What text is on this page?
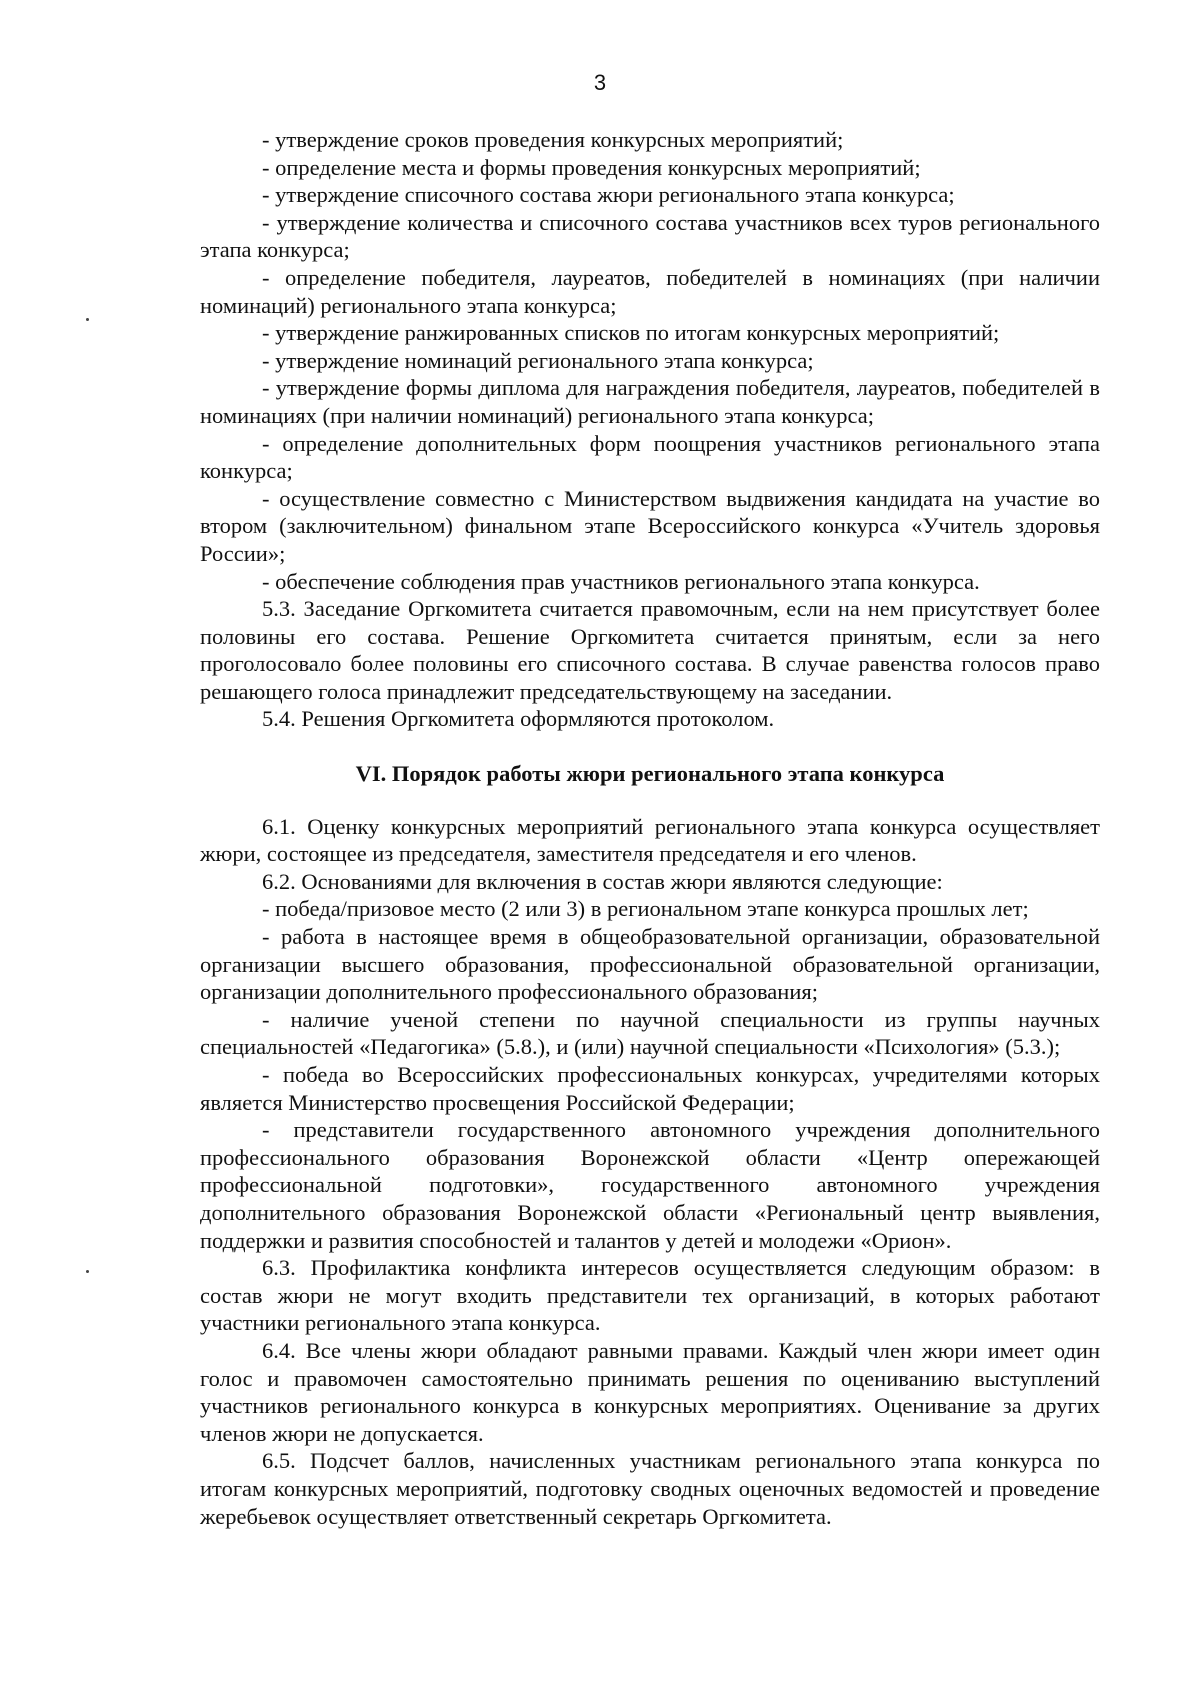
3

- утверждение сроков проведения конкурсных мероприятий;

- определение места и формы проведения конкурсных мероприятий;

- утверждение списочного состава жюри регионального этапа конкурса;

- утверждение количества и списочного состава участников всех туров регионального этапа конкурса;

- определение победителя, лауреатов, победителей в номинациях (при наличии номинаций) регионального этапа конкурса;

- утверждение ранжированных списков по итогам конкурсных мероприятий;

- утверждение номинаций регионального этапа конкурса;

- утверждение формы диплома для награждения победителя, лауреатов, победителей в номинациях (при наличии номинаций) регионального этапа конкурса;

- определение дополнительных форм поощрения участников регионального этапа конкурса;

- осуществление совместно с Министерством выдвижения кандидата на участие во втором (заключительном) финальном этапе Всероссийского конкурса «Учитель здоровья России»;

- обеспечение соблюдения прав участников регионального этапа конкурса.

5.3. Заседание Оргкомитета считается правомочным, если на нем присутствует более половины его состава. Решение Оргкомитета считается принятым, если за него проголосовало более половины его списочного состава. В случае равенства голосов право решающего голоса принадлежит председательствующему на заседании.

5.4. Решения Оргкомитета оформляются протоколом.

VI. Порядок работы жюри регионального этапа конкурса

6.1. Оценку конкурсных мероприятий регионального этапа конкурса осуществляет жюри, состоящее из председателя, заместителя председателя и его членов.

6.2. Основаниями для включения в состав жюри являются следующие:

- победа/призовое место (2 или 3) в региональном этапе конкурса прошлых лет;

- работа в настоящее время в общеобразовательной организации, образовательной организации высшего образования, профессиональной образовательной организации, организации дополнительного профессионального образования;

- наличие ученой степени по научной специальности из группы научных специальностей «Педагогика» (5.8.), и (или) научной специальности «Психология» (5.3.);

- победа во Всероссийских профессиональных конкурсах, учредителями которых является Министерство просвещения Российской Федерации;

- представители государственного автономного учреждения дополнительного профессионального образования Воронежской области «Центр опережающей профессиональной подготовки», государственного автономного учреждения дополнительного образования Воронежской области «Региональный центр выявления, поддержки и развития способностей и талантов у детей и молодежи «Орион».

6.3. Профилактика конфликта интересов осуществляется следующим образом: в состав жюри не могут входить представители тех организаций, в которых работают участники регионального этапа конкурса.

6.4. Все члены жюри обладают равными правами. Каждый член жюри имеет один голос и правомочен самостоятельно принимать решения по оцениванию выступлений участников регионального конкурса в конкурсных мероприятиях. Оценивание за других членов жюри не допускается.

6.5. Подсчет баллов, начисленных участникам регионального этапа конкурса по итогам конкурсных мероприятий, подготовку сводных оценочных ведомостей и проведение жеребьевок осуществляет ответственный секретарь Оргкомитета.
